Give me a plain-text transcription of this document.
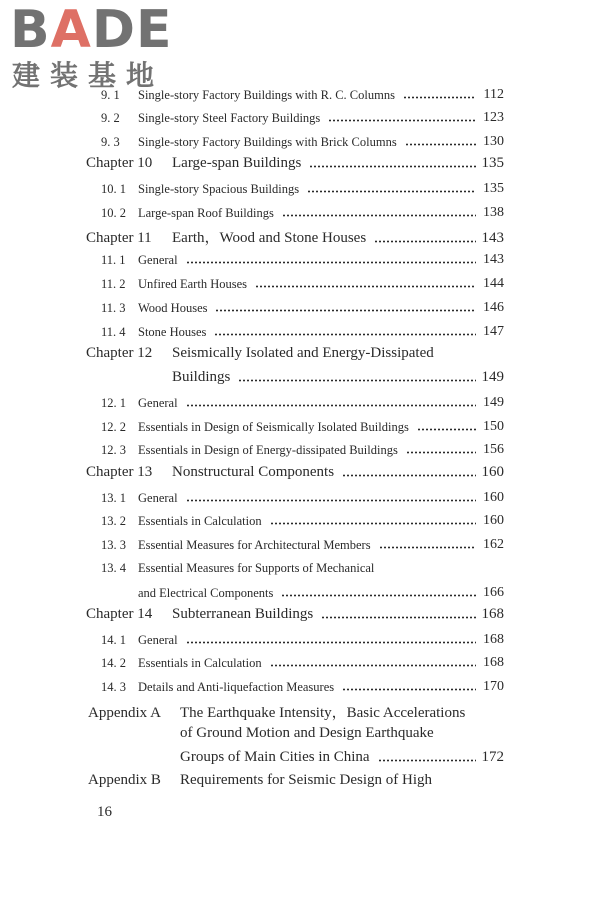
BADE
建装基地
9. 1	Single-story Factory Buildings with R. C. Columns	112
9. 2	Single-story Steel Factory Buildings	123
9. 3	Single-story Factory Buildings with Brick Columns	130
Chapter 10	Large-span Buildings	135
10. 1 Single-story Spacious Buildings	135
10. 2 Large-span Roof Buildings	138
Chapter 11	Earth，Wood and Stone Houses	143
11. 1 General	143
11. 2 Unfired Earth Houses	144
11. 3 Wood Houses	146
11. 4 Stone Houses	147
Chapter 12	Seismically Isolated and Energy-Dissipated
Buildings	149
12. 1 General	149
12. 2 Essentials in Design of Seismically Isolated Buildings	150
12. 3 Essentials in Design of Energy-dissipated Buildings	156
Chapter 13	Nonstructural Components	160
13. 1 General	160
13. 2 Essentials in Calculation	160
13. 3 Essential Measures for Architectural Members	162
13. 4 Essential Measures for Supports of Mechanical
and Electrical Components	166
Chapter 14	Subterranean Buildings	168
14. 1 General	168
14. 2 Essentials in Calculation	168
14. 3 Details and Anti-liquefaction Measures	170
Appendix A	The Earthquake Intensity，Basic Accelerations
of Ground Motion and Design Earthquake
Groups of Main Cities in China	172
Appendix B	Requirements for Seismic Design of High
16
